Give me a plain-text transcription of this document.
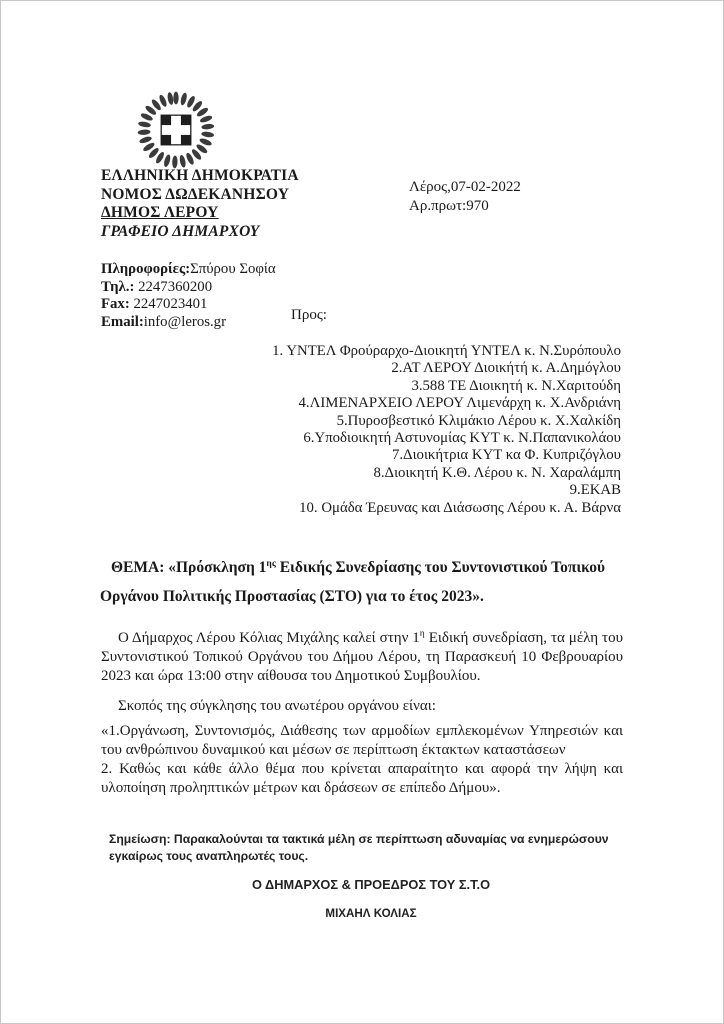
ΕΛΛΗΝΙΚΗ ΔΗΜΟΚΡΑΤΙΑ
ΝΟΜΟΣ ΔΩΔΕΚΑΝΗΣΟΥ
ΔΗΜΟΣ ΛΕΡΟΥ
ΓΡΑΦΕΙΟ ΔΗΜΑΡΧΟΥ
Λέρος,07-02-2022
Αρ.πρωτ:970
Πληροφορίες:Σπύρου Σοφία
Τηλ.: 2247360200
Fax: 2247023401
Email:info@leros.gr	Προς:
1. ΥΝΤΕΛ Φρούραρχο-Διοικητή ΥΝΤΕΛ κ. Ν.Συρόπουλο
2.ΑΤ ΛΕΡΟΥ Διοικήτή κ. Α.Δημόγλου
3.588 ΤΕ Διοικητή κ. Ν.Χαριτούδη
4.ΛΙΜΕΝΑΡΧΕΙΟ ΛΕΡΟΥ Λιμενάρχη κ. Χ.Ανδριάνη
5.Πυροσβεστικό Κλιμάκιο Λέρου κ. Χ.Χαλκίδη
6.Υποδιοικητή Αστυνομίας ΚΥΤ κ. Ν.Παπανικολάου
7.Διοικήτρια ΚΥΤ κα Φ. Κυπριζόγλου
8.Διοικητή Κ.Θ. Λέρου κ. Ν. Χαραλάμπη
9.ΕΚΑΒ
10. Ομάδα Έρευνας και Διάσωσης Λέρου κ. Α. Βάρνα
ΘΕΜΑ: «Πρόσκληση $1^{\eta\varsigma}$ Ειδικής Συνεδρίασης του Συντονιστικού Τοπικού Οργάνου Πολιτικής Προστασίας (ΣΤΟ) για το έτος 2023».
Ο Δήμαρχος Λέρου Κόλιας Μιχάλης καλεί στην $1^\eta$ Ειδική συνεδρίαση, τα μέλη του Συντονιστικού Τοπικού Οργάνου του Δήμου Λέρου, τη Παρασκευή 10 Φεβρουαρίου 2023 και ώρα 13:00 στην αίθουσα του Δημοτικού Συμβουλίου.
Σκοπός της σύγκλησης του ανωτέρου οργάνου είναι:
«1.Οργάνωση, Συντονισμός, Διάθεσης των αρμοδίων εμπλεκομένων Υπηρεσιών και του ανθρώπινου δυναμικού και μέσων σε περίπτωση έκτακτων καταστάσεων
2. Καθώς και κάθε άλλο θέμα που κρίνεται απαραίτητο και αφορά την λήψη και υλοποίηση προληπτικών μέτρων και δράσεων σε επίπεδο Δήμου».
Σημείωση: Παρακαλούνται τα τακτικά μέλη σε περίπτωση αδυναμίας να ενημερώσουν εγκαίρως τους αναπληρωτές τους.
Ο ΔΗΜΑΡΧΟΣ & ΠΡΟΕΔΡΟΣ ΤΟΥ Σ.Τ.Ο
ΜΙΧΑΗΛ ΚΟΛΙΑΣ
